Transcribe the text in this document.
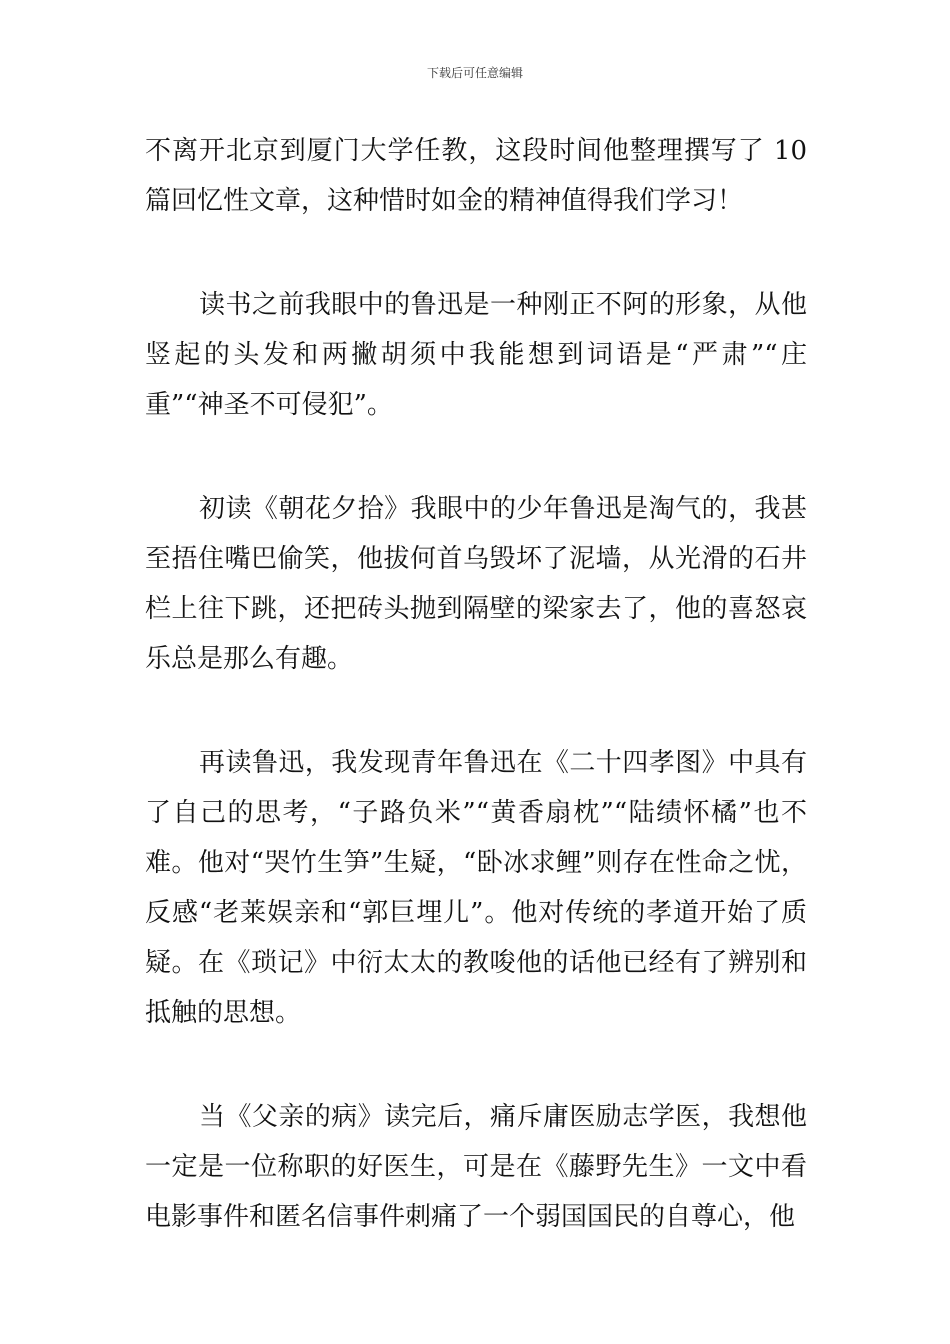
下载后可任意编辑

不离开北京到厦门大学任教，这段时间他整理撰写了 10 篇回忆性文章，这种惜时如金的精神值得我们学习！

读书之前我眼中的鲁迅是一种刚正不阿的形象，从他竖起的头发和两撇胡须中我能想到词语是“严肃”“庄重”“神圣不可侵犯”。

初读《朝花夕拾》我眼中的少年鲁迅是淘气的，我甚至捂住嘴巴偷笑，他拔何首乌毁坏了泥墙，从光滑的石井栏上往下跳，还把砖头抛到隔壁的梁家去了，他的喜怒哀乐总是那么有趣。

再读鲁迅，我发现青年鲁迅在《二十四孝图》中具有了自己的思考，“子路负米”“黄香扇枕”“陆绩怀橘”也不难。他对“哭竹生笋”生疑，“卧冰求鲤”则存在性命之忧，反感“老莱娱亲和“郭巨埋儿”。他对传统的孝道开始了质疑。在《琐记》中衍太太的教唆他的话他已经有了辨别和抵触的思想。

当《父亲的病》读完后，痛斥庸医励志学医，我想他一定是一位称职的好医生，可是在《藤野先生》一文中看电影事件和匿名信事件刺痛了一个弱国国民的自尊心，他
